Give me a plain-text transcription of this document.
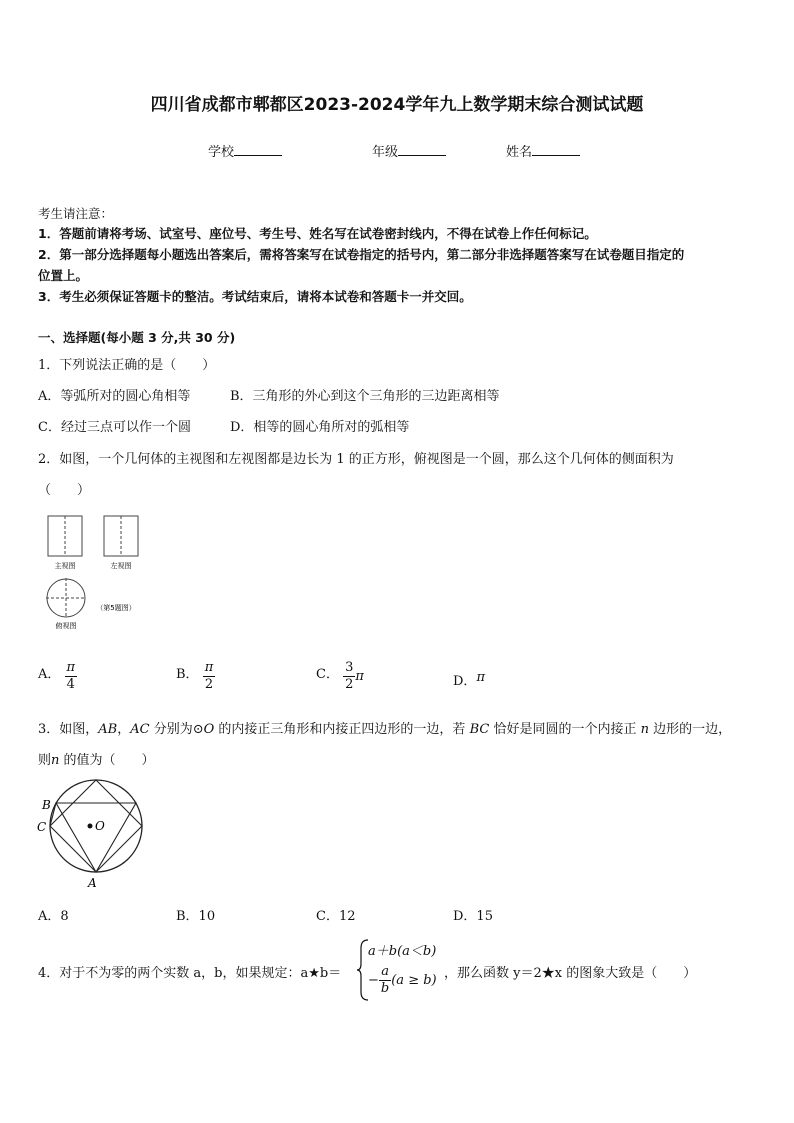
四川省成都市郫都区2023-2024学年九上数学期末综合测试试题
学校	年级	姓名
考生请注意：
1．答题前请将考场、试室号、座位号、考生号、姓名写在试卷密封线内，不得在试卷上作任何标记。
2．第一部分选择题每小题选出答案后，需将答案写在试卷指定的括号内，第二部分非选择题答案写在试卷题目指定的
位置上。
3．考生必须保证答题卡的整洁。考试结束后，请将本试卷和答题卡一并交回。
一、选择题(每小题 3 分,共 30 分)
1．下列说法正确的是（　　）
A．等弧所对的圆心角相等	B．三角形的外心到这个三角形的三边距离相等
C．经过三点可以作一个圆	D．相等的圆心角所对的弧相等
2．如图，一个几何体的主视图和左视图都是边长为 1 的正方形，俯视图是一个圆，那么这个几何体的侧面积为
（　　）
主视图	左视图
俯视图
（第5题图）
A． $\frac{\pi}{4}$	B． $\frac{\pi}{2}$	C． $\frac{3}{2}$ π	D．π
3．如图，AB，AC 分别为⊙O 的内接正三角形和内接正四边形的一边，若 BC 恰好是同圆的一个内接正 n 边形的一边，
则n 的值为（　　）
B
C	O
A
A．8	B．10	C．12	D．15
4．对于不为零的两个实数 a，b，如果规定：a★b＝
a＋b(a＜b)
− $\frac{a}{b} (a \ge b)$ ，那么函数 y＝2★x 的图象大致是（　　）
